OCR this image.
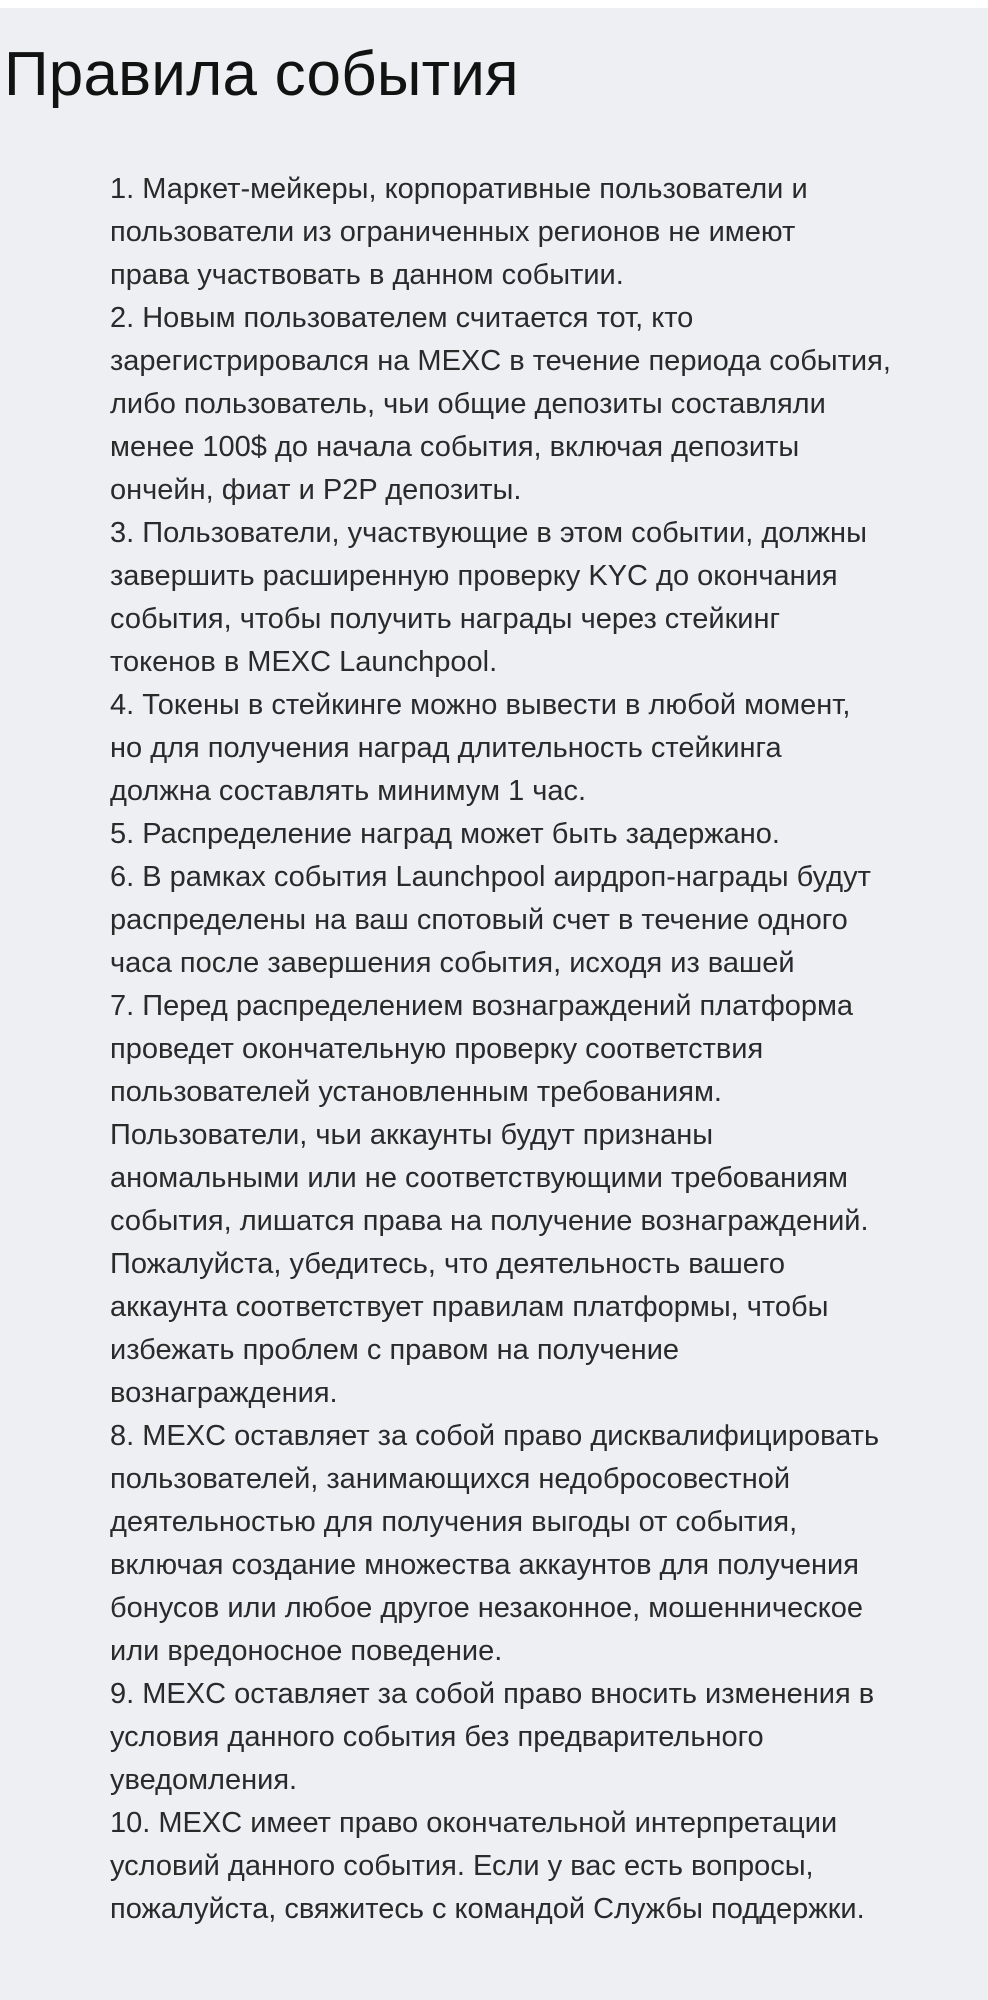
Правила события
1. Маркет-мейкеры, корпоративные пользователи и
пользователи из ограниченных регионов не имеют
права участвовать в данном событии.
2. Новым пользователем считается тот, кто
зарегистрировался на MEXC в течение периода события,
либо пользователь, чьи общие депозиты составляли
менее 100$ до начала события, включая депозиты
ончейн, фиат и P2P депозиты.
3. Пользователи, участвующие в этом событии, должны
завершить расширенную проверку KYC до окончания
события, чтобы получить награды через стейкинг
токенов в MEXC Launchpool.
4. Токены в стейкинге можно вывести в любой момент,
но для получения наград длительность стейкинга
должна составлять минимум 1 час.
5. Распределение наград может быть задержано.
6. В рамках события Launchpool аирдроп-награды будут
распределены на ваш спотовый счет в течение одного
часа после завершения события, исходя из вашей
7. Перед распределением вознаграждений платформа
проведет окончательную проверку соответствия
пользователей установленным требованиям.
Пользователи, чьи аккаунты будут признаны
аномальными или не соответствующими требованиям
события, лишатся права на получение вознаграждений.
Пожалуйста, убедитесь, что деятельность вашего
аккаунта соответствует правилам платформы, чтобы
избежать проблем с правом на получение
вознаграждения.
8. MEXC оставляет за собой право дисквалифицировать
пользователей, занимающихся недобросовестной
деятельностью для получения выгоды от события,
включая создание множества аккаунтов для получения
бонусов или любое другое незаконное, мошенническое
или вредоносное поведение.
9. MEXC оставляет за собой право вносить изменения в
условия данного события без предварительного
уведомления.
10. MEXC имеет право окончательной интерпретации
условий данного события. Если у вас есть вопросы,
пожалуйста, свяжитесь с командой Службы поддержки.
